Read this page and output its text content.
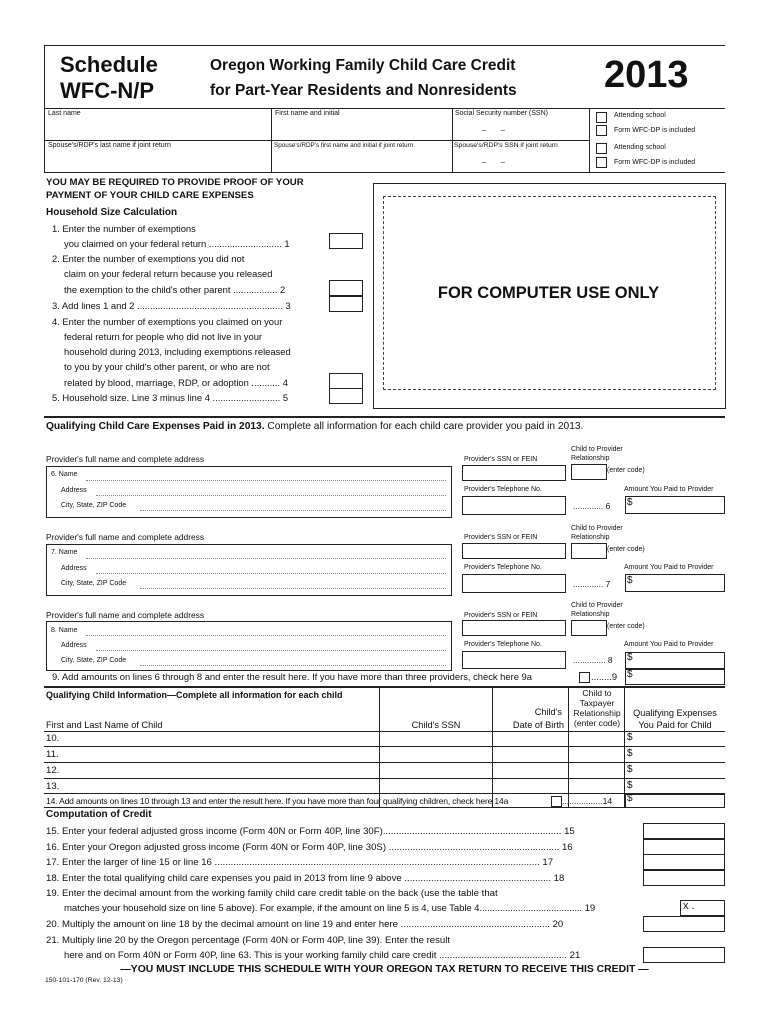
Schedule
WFC-N/P
Oregon Working Family Child Care Credit
for Part-Year Residents and Nonresidents 2013
Last name	First name and initial	Social Security number (SSN)
–       –
Spouse's/RDP's last name if joint return	Spouse's/RDP's first name and initial if joint return	Spouse's/RDP's SSN if joint return
–       –
Attending school
Form WFC-DP is included
Attending school
Form WFC-DP is included
YOU MAY BE REQUIRED TO PROVIDE PROOF OF YOUR
PAYMENT OF YOUR CHILD CARE EXPENSES
Household Size Calculation
1. Enter the number of exemptions
you claimed on your federal return ............................ 1
2. Enter the number of exemptions you did not
claim on your federal return because you released
the exemption to the child's other parent ................. 2
3. Add lines 1 and 2 ........................................................ 3
4. Enter the number of exemptions you claimed on your
federal return for people who did not live in your
household during 2013, including exemptions released
to you by your child's other parent, or who are not
related by blood, marriage, RDP, or adoption ........... 4
5. Household size. Line 3 minus line 4 .......................... 5
FOR COMPUTER USE ONLY
Qualifying Child Care Expenses Paid in 2013. Complete all information for each child care provider you paid in 2013.
Child to Provider Relationship
Provider's full name and complete address	Provider's SSN or FEIN
(enter code)
6. Name
Address	Provider's Telephone No.	Amount You Paid to Provider
City, State, ZIP Code	............. 6 $
Child to Provider Relationship
Provider's full name and complete address	Provider's SSN or FEIN
(enter code)
7. Name
Address	Provider's Telephone No.	Amount You Paid to Provider
City, State, ZIP Code	............. 7 $
Child to Provider Relationship
Provider's full name and complete address	Provider's SSN or FEIN
(enter code)
8. Name
Address	Provider's Telephone No.	Amount You Paid to Provider
City, State, ZIP Code	.............. 8 $
9. Add amounts on lines 6 through 8 and enter the result here. If you have more than three providers, check here 9a	........9 $
Qualifying Child Information—Complete all information for each child
First and Last Name of Child	Child's SSN
Child's
Date of Birth
Child to
Taxpayer
Relationship
(enter code)
Qualifying Expenses
You Paid for Child
10.	$
11.	$
12.	$
13.	$
14. Add amounts on lines 10 through 13 and enter the result here. If you have more than four qualifying children, check here 14a	.................14 $
Computation of Credit
15. Enter your federal adjusted gross income (Form 40N or Form 40P, line 30F)................................................................... 15
16. Enter your Oregon adjusted gross income (Form 40N or Form 40P, line 30S) ................................................................ 16
17. Enter the larger of line 15 or line 16 .......................................................................................................................... 17
18. Enter the total qualifying child care expenses you paid in 2013 from line 9 above ....................................................... 18
19. Enter the decimal amount from the working family child care credit table on the back (use the table that
matches your household size on line 5 above). For example, if the amount on line 5 is 4, use Table 4........................................ 19	x .
20. Multiply the amount on line 18 by the decimal amount on line 19 and enter here ........................................................ 20
21. Multiply line 20 by the Oregon percentage (Form 40N or Form 40P, line 39). Enter the result
here and on Form 40N or Form 40P, line 63. This is your working family child care credit ................................................ 21
—YOU MUST INCLUDE THIS SCHEDULE WITH YOUR OREGON TAX RETURN TO RECEIVE THIS CREDIT —
150-101-170 (Rev. 12-13)
